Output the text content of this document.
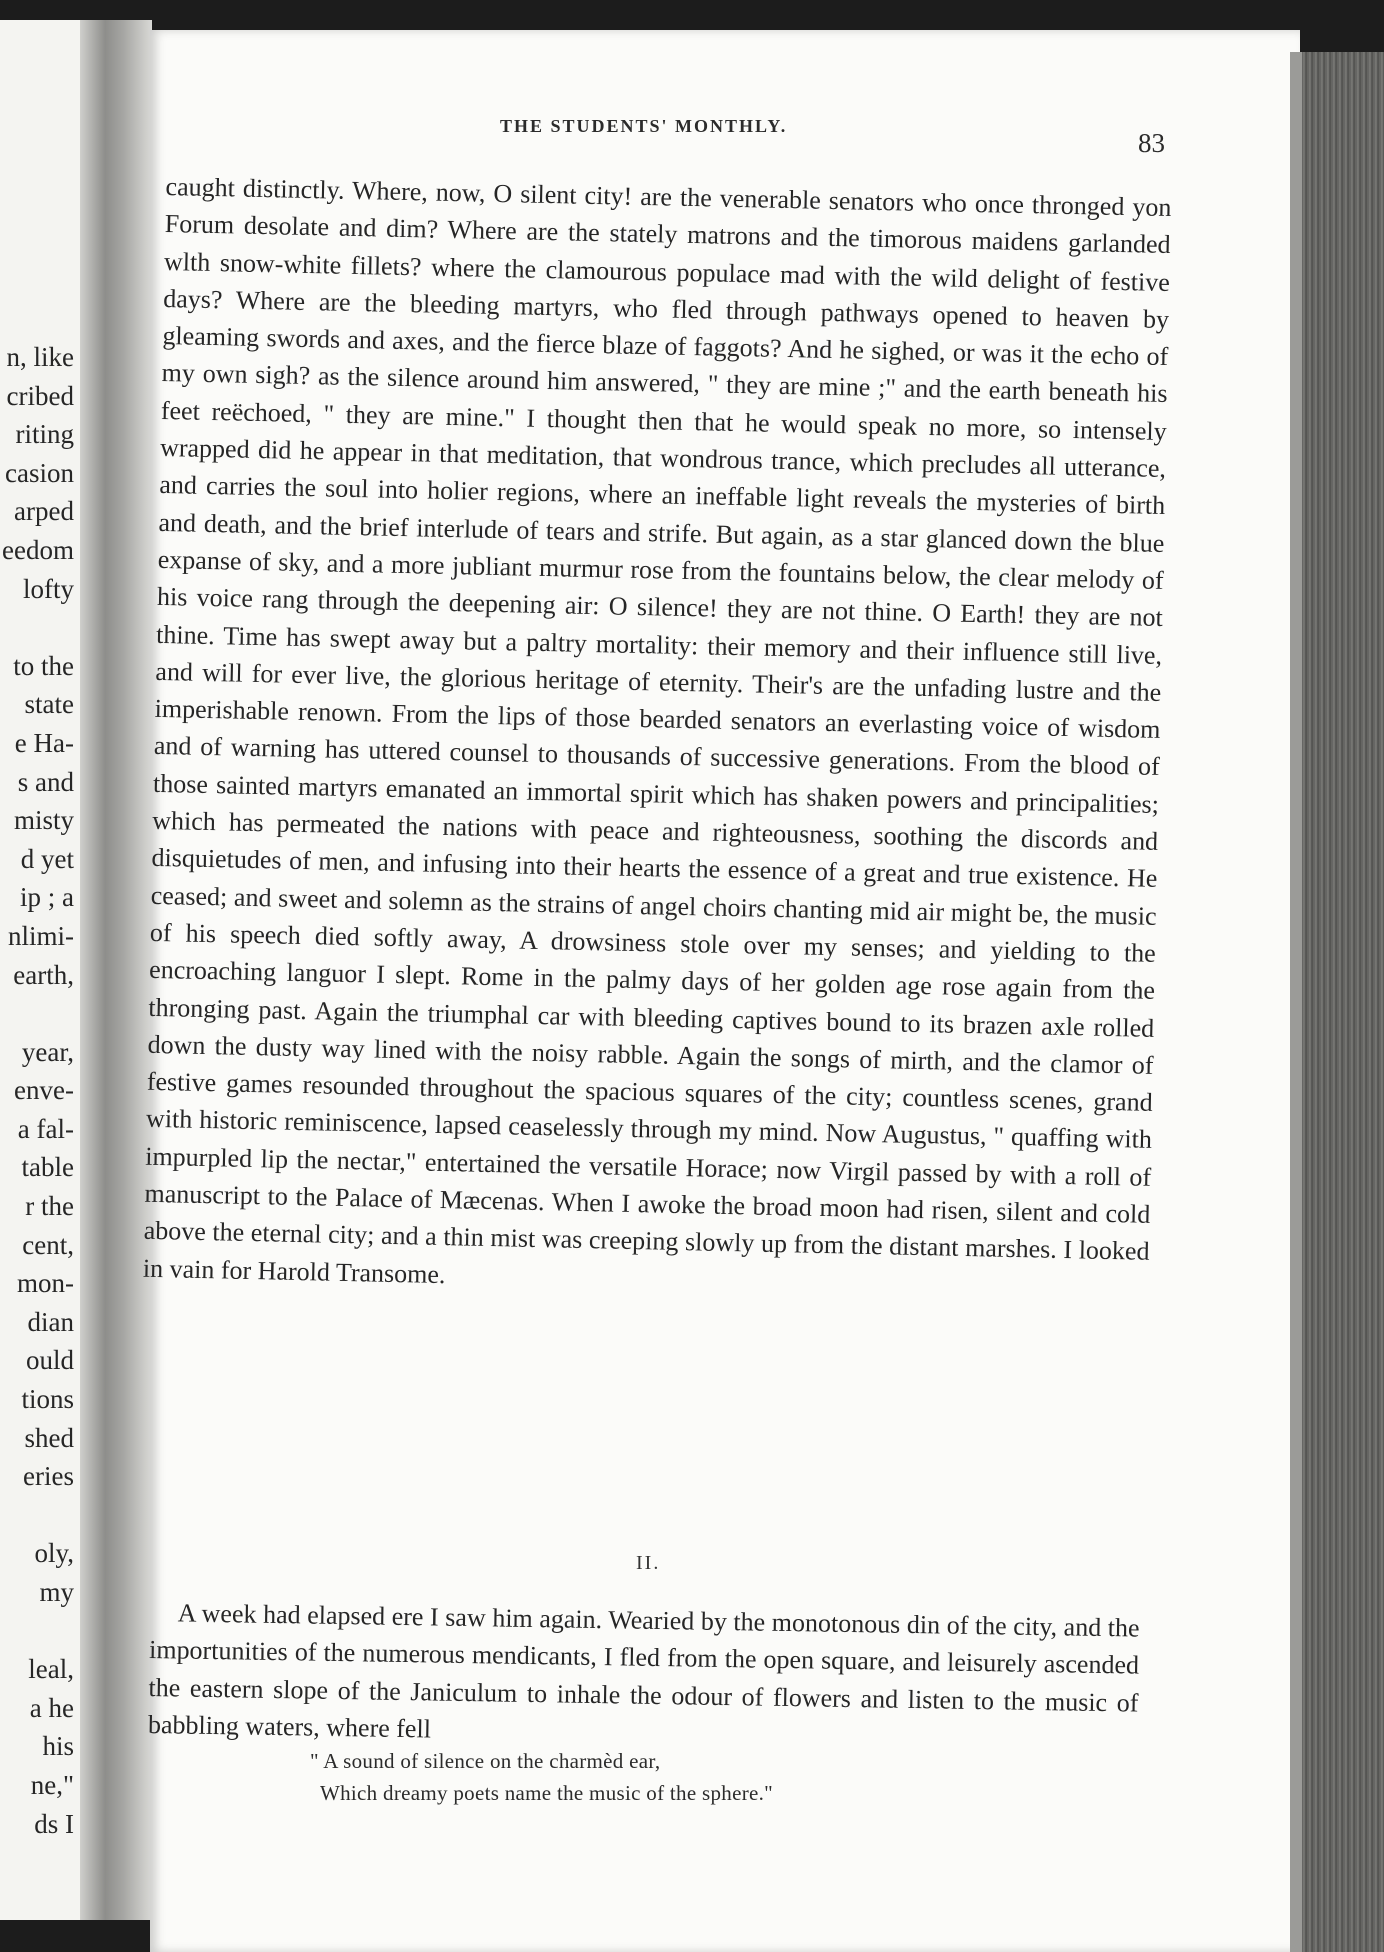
n, like
cribed
riting
casion
arped
eedom
lofty

to the
state
e Ha-
s and
misty
d yet
ip ; a
nlimi-
earth,

year,
enve-
a fal-
table
r the
cent,
mon-
dian
ould
tions
shed
eries

oly,
my

leal,
a he
his
ne,"
ds I
THE STUDENTS' MONTHLY.
83

caught distinctly. Where, now, O silent city! are the venerable senators who once thronged yon Forum desolate and dim? Where are the stately matrons and the timorous maidens garlanded wlth snow-white fillets? where the clamourous populace mad with the wild delight of festive days? Where are the bleeding martyrs, who fled through pathways opened to heaven by gleaming swords and axes, and the fierce blaze of faggots? And he sighed, or was it the echo of my own sigh? as the silence around him answered, " they are mine ;" and the earth beneath his feet reëchoed, " they are mine." I thought then that he would speak no more, so intensely wrapped did he appear in that meditation, that wondrous trance, which precludes all utterance, and carries the soul into holier regions, where an ineffable light reveals the mysteries of birth and death, and the brief interlude of tears and strife. But again, as a star glanced down the blue expanse of sky, and a more jubliant murmur rose from the fountains below, the clear melody of his voice rang through the deepening air: O silence! they are not thine. O Earth! they are not thine. Time has swept away but a paltry mortality: their memory and their influence still live, and will for ever live, the glorious heritage of eternity. Their's are the unfading lustre and the imperishable renown. From the lips of those bearded senators an everlasting voice of wisdom and of warning has uttered counsel to thousands of successive generations. From the blood of those sainted martyrs emanated an immortal spirit which has shaken powers and principalities; which has permeated the nations with peace and righteousness, soothing the discords and disquietudes of men, and infusing into their hearts the essence of a great and true existence. He ceased; and sweet and solemn as the strains of angel choirs chanting mid air might be, the music of his speech died softly away, A drowsiness stole over my senses; and yielding to the encroaching languor I slept. Rome in the palmy days of her golden age rose again from the thronging past. Again the triumphal car with bleeding captives bound to its brazen axle rolled down the dusty way lined with the noisy rabble. Again the songs of mirth, and the clamor of festive games resounded throughout the spacious squares of the city; countless scenes, grand with historic reminiscence, lapsed ceaselessly through my mind. Now Augustus, " quaffing with impurpled lip the nectar," entertained the versatile Horace; now Virgil passed by with a roll of manuscript to the Palace of Mæcenas. When I awoke the broad moon had risen, silent and cold above the eternal city; and a thin mist was creeping slowly up from the distant marshes. I looked in vain for Harold Transome.

II.
A week had elapsed ere I saw him again. Wearied by the monotonous din of the city, and the importunities of the numerous mendicants, I fled from the open square, and leisurely ascended the eastern slope of the Janiculum to inhale the odour of flowers and listen to the music of babbling waters, where fell
" A sound of silence on the charmèd ear,
Which dreamy poets name the music of the sphere."
